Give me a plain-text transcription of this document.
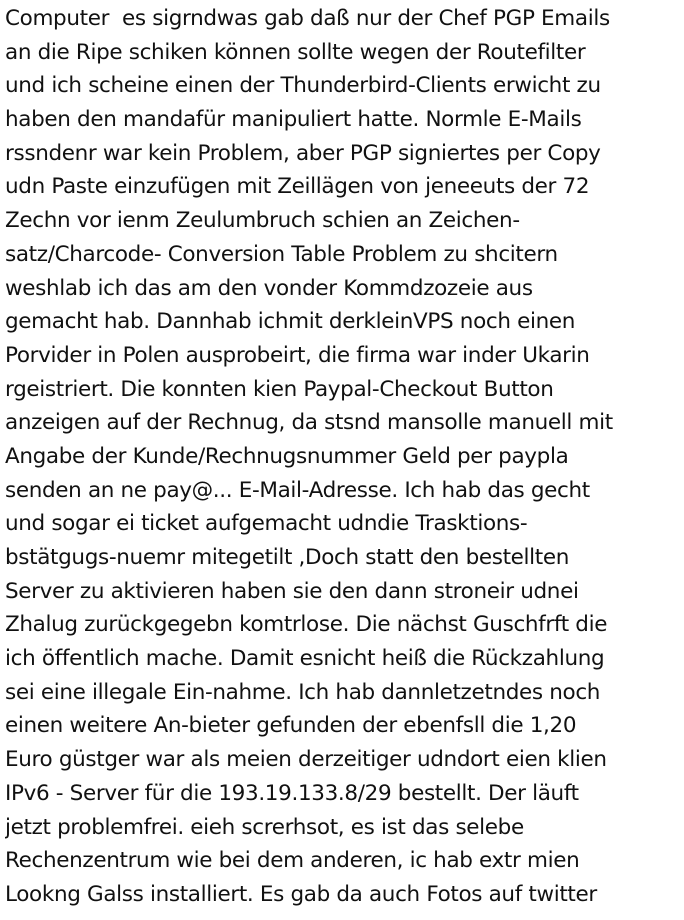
Computer  es sigrndwas gab daß nur der Chef PGP Emails
an die Ripe schiken können sollte wegen der Routefilter
und ich scheine einen der Thunderbird-Clients erwicht zu
haben den mandafür manipuliert hatte. Normle E-Mails
rssndenr war kein Problem, aber PGP signiertes per Copy
udn Paste einzufügen mit Zeillägen von jeneeuts der 72
Zechn vor ienm Zeulumbruch schien an Zeichen-
satz/Charcode- Conversion Table Problem zu shcitern
weshlab ich das am den vonder Kommdzozeie aus
gemacht hab. Dannhab ichmit derkleinVPS noch einen
Porvider in Polen ausprobeirt, die firma war inder Ukarin
rgeistriert. Die konnten kien Paypal-Checkout Button
anzeigen auf der Rechnug, da stsnd mansolle manuell mit
Angabe der Kunde/Rechnugsnummer Geld per paypla
senden an ne pay@... E-Mail-Adresse. Ich hab das gecht
und sogar ei ticket aufgemacht udndie Trasktions-
bstätgugs-nuemr mitegetilt ,Doch statt den bestellten
Server zu aktivieren haben sie den dann stroneir udnei
Zhalug zurückgegebn komtrlose. Die nächst Guschfrft die
ich öffentlich mache. Damit esnicht heiß die Rückzahlung
sei eine illegale Ein-nahme. Ich hab dannletzetndes noch
einen weitere An-bieter gefunden der ebenfsll die 1,20
Euro güstger war als meien derzeitiger udndort eien klien
IPv6 - Server für die 193.19.133.8/29 bestellt. Der läuft
jetzt problemfrei. eieh screrhsot, es ist das selebe
Rechenzentrum wie bei dem anderen, ic hab extr mien
Lookng Galss installiert. Es gab da auch Fotos auf twitter
